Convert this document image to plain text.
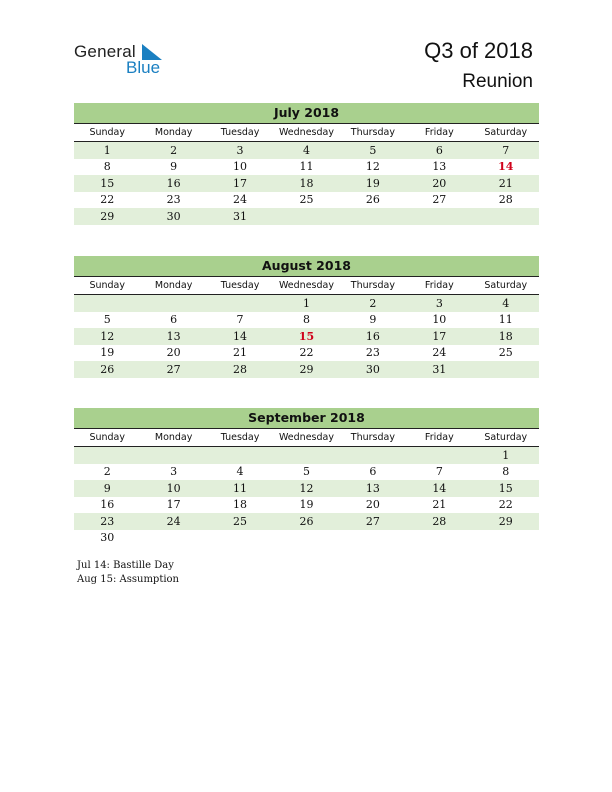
General
Blue
Q3 of 2018
Reunion
July 2018
Sunday	Monday	Tuesday	Wednesday	Thursday	Friday	Saturday
1	2	3	4	5	6	7
8	9	10	11	12	13	14
15	16	17	18	19	20	21
22	23	24	25	26	27	28
29	30	31				
August 2018
Sunday	Monday	Tuesday	Wednesday	Thursday	Friday	Saturday
			1	2	3	4
5	6	7	8	9	10	11
12	13	14	15	16	17	18
19	20	21	22	23	24	25
26	27	28	29	30	31	
September 2018
Sunday	Monday	Tuesday	Wednesday	Thursday	Friday	Saturday
						1
2	3	4	5	6	7	8
9	10	11	12	13	14	15
16	17	18	19	20	21	22
23	24	25	26	27	28	29
30						
Jul 14: Bastille Day
Aug 15: Assumption
